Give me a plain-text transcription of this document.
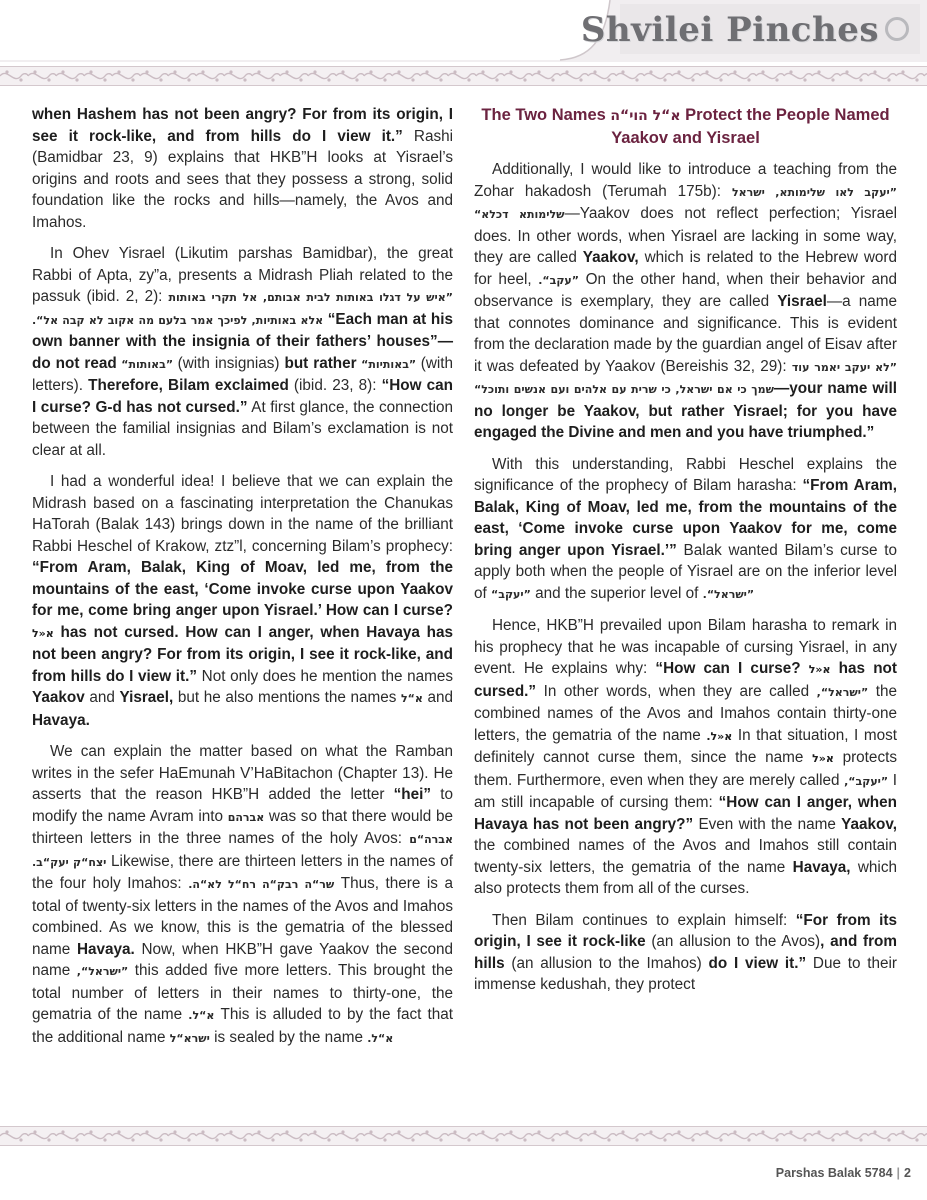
Shvilei Pinches

when Hashem has not been angry? For from its origin, I see it rock-like, and from hills do I view it.” Rashi (Bamidbar 23, 9) explains that HKB”H looks at Yisrael’s origins and roots and sees that they possess a strong, solid foundation like the rocks and hills—namely, the Avos and Imahos.

In Ohev Yisrael (Likutim parshas Bamidbar), the great Rabbi of Apta, zy”a, presents a Midrash Pliah related to the passuk (ibid. 2, 2): ”איש על דגלו באותות לבית אבותם, אל תקרי באותות אלא באותיות, לפיכך אמר בלעם מה אקוב לא קבה אל“. “Each man at his own banner with the insignia of their fathers’ houses”—do not read ”באותות“ (with insignias) but rather ”באותיות“ (with letters). Therefore, Bilam exclaimed (ibid. 23, 8): “How can I curse? G-d has not cursed.” At first glance, the connection between the familial insignias and Bilam’s exclamation is not clear at all.

I had a wonderful idea! I believe that we can explain the Midrash based on a fascinating interpretation the Chanukas HaTorah (Balak 143) brings down in the name of the brilliant Rabbi Heschel of Krakow, ztz”l, concerning Bilam’s prophecy: “From Aram, Balak, King of Moav, led me, from the mountains of the east, ‘Come invoke curse upon Yaakov for me, come bring anger upon Yisrael.’ How can I curse? א«ל has not cursed. How can I anger, when Havaya has not been angry? For from its origin, I see it rock-like, and from hills do I view it.” Not only does he mention the names Yaakov and Yisrael, but he also mentions the names א“ל and Havaya.

We can explain the matter based on what the Ramban writes in the sefer HaEmunah V’HaBitachon (Chapter 13). He asserts that the reason HKB”H added the letter “hei” to modify the name Avram into אברהם was so that there would be thirteen letters in the three names of the holy Avos: אברה“ם יצח“ק יעק“ב. Likewise, there are thirteen letters in the names of the four holy Imahos: שר“ה רבק“ה רח“ל לא“ה. Thus, there is a total of twenty-six letters in the names of the Avos and Imahos combined. As we know, this is the gematria of the blessed name Havaya. Now, when HKB”H gave Yaakov the second name ”ישראל“, this added five more letters. This brought the total number of letters in their names to thirty-one, the gematria of the name א“ל. This is alluded to by the fact that the additional name ישרא“ל is sealed by the name א“ל.

The Two Names א“ל הוי“ה Protect the People Named Yaakov and Yisrael

Additionally, I would like to introduce a teaching from the Zohar hakadosh (Terumah 175b): ”יעקב לאו שלימותא, ישראל שלימותא דכלא“—Yaakov does not reflect perfection; Yisrael does. In other words, when Yisrael are lacking in some way, they are called Yaakov, which is related to the Hebrew word for heel, ”עקב“. On the other hand, when their behavior and observance is exemplary, they are called Yisrael—a name that connotes dominance and significance. This is evident from the declaration made by the guardian angel of Eisav after it was defeated by Yaakov (Bereishis 32, 29): ”לא יעקב יאמר עוד שמך כי אם ישראל, כי שרית עם אלהים ועם אנשים ותוכל“—your name will no longer be Yaakov, but rather Yisrael; for you have engaged the Divine and men and you have triumphed.”

With this understanding, Rabbi Heschel explains the significance of the prophecy of Bilam harasha: “From Aram, Balak, King of Moav, led me, from the mountains of the east, ‘Come invoke curse upon Yaakov for me, come bring anger upon Yisrael.’” Balak wanted Bilam’s curse to apply both when the people of Yisrael are on the inferior level of ”יעקב“ and the superior level of ”ישראל“.

Hence, HKB”H prevailed upon Bilam harasha to remark in his prophecy that he was incapable of cursing Yisrael, in any event. He explains why: “How can I curse? א«ל has not cursed.” In other words, when they are called ”ישראל“, the combined names of the Avos and Imahos contain thirty-one letters, the gematria of the name א«ל. In that situation, I most definitely cannot curse them, since the name א«ל protects them. Furthermore, even when they are merely called ”יעקב“, I am still incapable of cursing them: “How can I anger, when Havaya has not been angry?” Even with the name Yaakov, the combined names of the Avos and Imahos still contain twenty-six letters, the gematria of the name Havaya, which also protects them from all of the curses.

Then Bilam continues to explain himself: “For from its origin, I see it rock-like (an allusion to the Avos), and from hills (an allusion to the Imahos) do I view it.” Due to their immense kedushah, they protect

Parshas Balak 5784 | 2
